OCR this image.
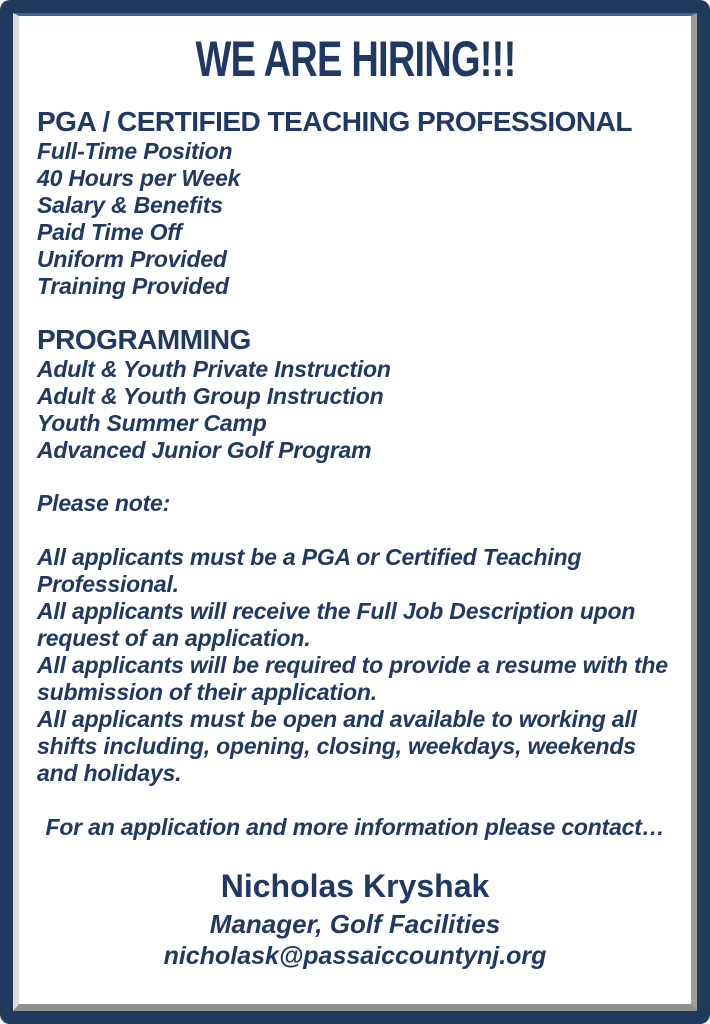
WE ARE HIRING!!!
PGA / CERTIFIED TEACHING PROFESSIONAL

Full-Time Position

40 Hours per Week

Salary & Benefits

Paid Time Off

Uniform Provided

Training Provided

PROGRAMMING

Adult & Youth Private Instruction

Adult & Youth Group Instruction

Youth Summer Camp

Advanced Junior Golf Program

Please note:

All applicants must be a PGA or Certified Teaching Professional.

All applicants will receive the Full Job Description upon request of an application.

All applicants will be required to provide a resume with the submission of their application.

All applicants must be open and available to working all shifts including, opening, closing, weekdays, weekends and holidays.

For an application and more information please contact…

Nicholas Kryshak

Manager, Golf Facilities

nicholask@passaiccountynj.org
